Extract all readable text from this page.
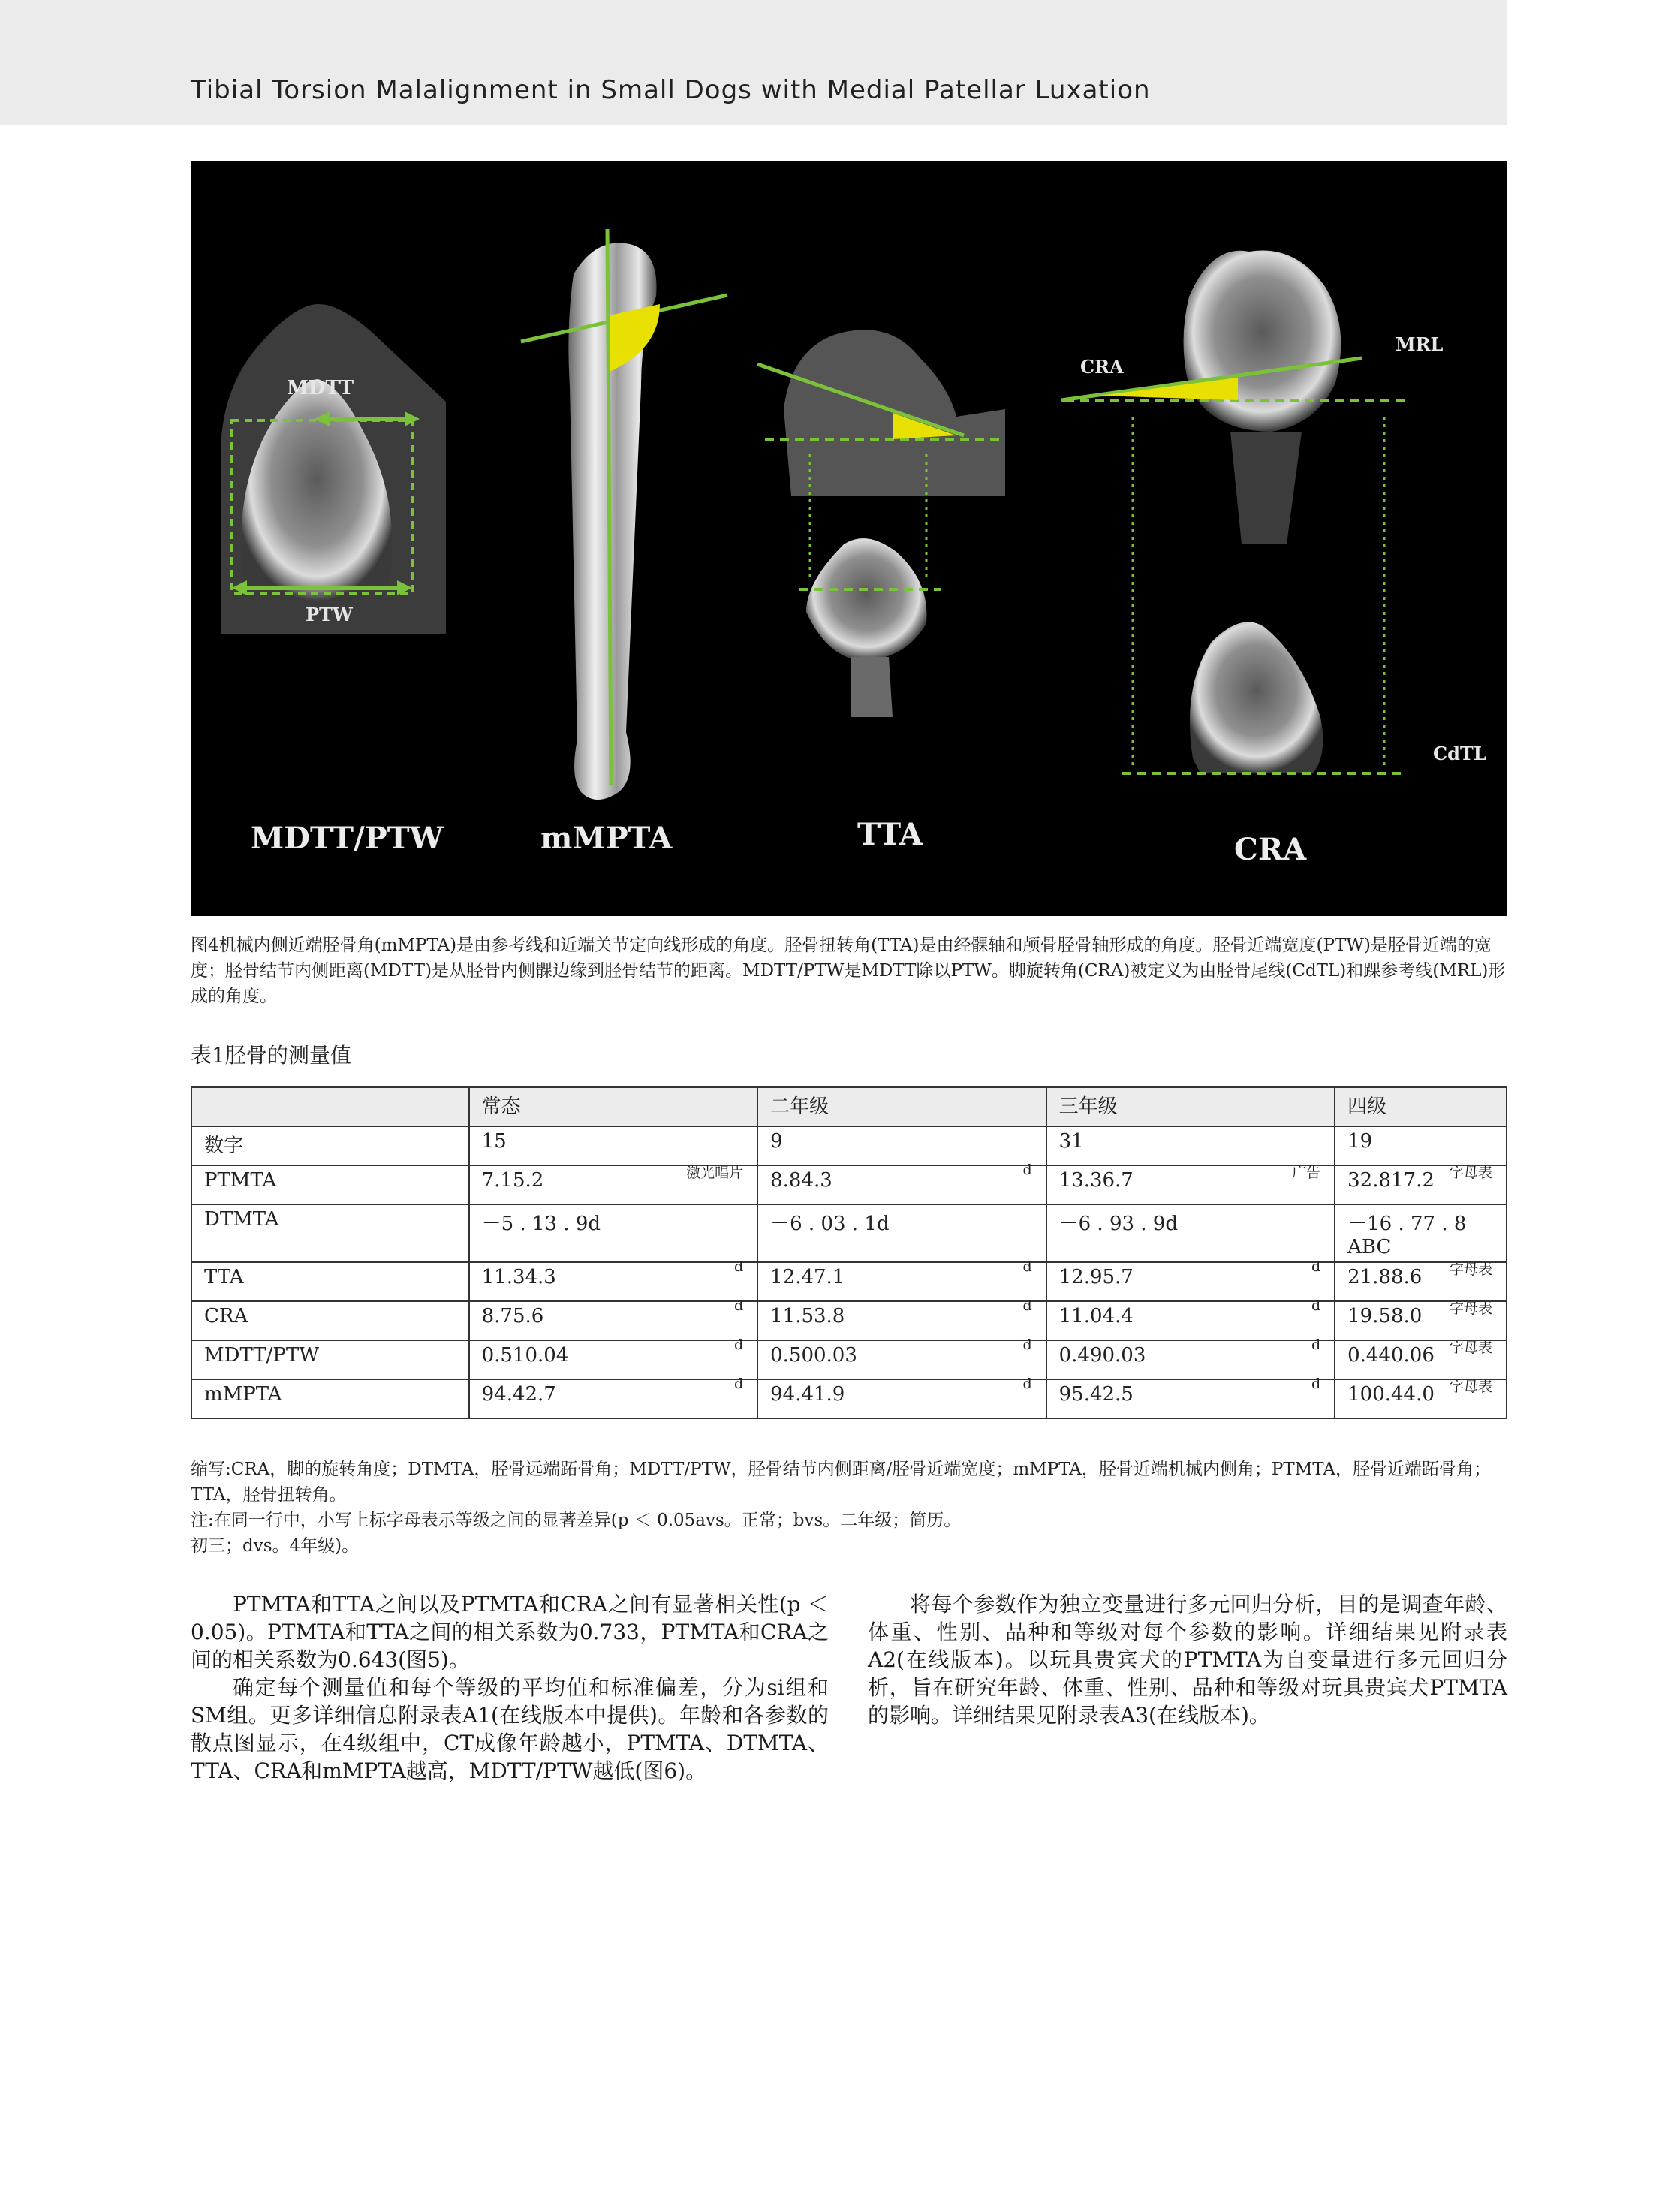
Tibial Torsion Malalignment in Small Dogs with Medial Patellar Luxation
MDTT
PTW
MDTT/PTW	mMPTA	TTA
CRA
MRL
CdTL
CRA
图4机械内侧近端胫骨角(mMPTA)是由参考线和近端关节定向线形成的角度。胫骨扭转角(TTA)是由经髁轴和颅骨胫骨轴形成的角度。胫骨近端宽度(PTW)是胫骨近端的宽度；胫骨结节内侧距离(MDTT)是从胫骨内侧髁边缘到胫骨结节的距离。MDTT/PTW是MDTT除以PTW。脚旋转角(CRA)被定义为由胫骨尾线(CdTL)和踝参考线(MRL)形成的角度。
表1胫骨的测量值
	常态	二年级	三年级	四级
数字	15	9	31	19
PTMTA	7.15.2 激光唱片	8.84.3 d	13.36.7 广告	32.817.2 字母表

DTMTA	－5 . 13 . 9d	－6 . 03 . 1d	－6 . 93 . 9d	－16 . 77 . 8 ABC
TTA	11.34.3 d	12.47.1 d	12.95.7 d	21.88.6 字母表

CRA	8.75.6 d	11.53.8 d	11.04.4 d	19.58.0 字母表

MDTT/PTW	0.510.04 d	0.500.03 d	0.490.03 d	0.440.06 字母表

mMPTA	94.42.7 d	94.41.9 d	95.42.5 d	100.44.0 字母表
缩写:CRA，脚的旋转角度；DTMTA，胫骨远端跖骨角；MDTT/PTW，胫骨结节内侧距离/胫骨近端宽度；mMPTA，胫骨近端机械内侧角；PTMTA，胫骨近端跖骨角；TTA，胫骨扭转角。
注:在同一行中，小写上标字母表示等级之间的显著差异(p ＜ 0.05avs。正常；bvs。二年级；简历。
初三；dvs。4年级)。

PTMTA和TTA之间以及PTMTA和CRA之间有显著相关性(p ＜ 0.05)。PTMTA和TTA之间的相关系数为0.733，PTMTA和CRA之间的相关系数为0.643(图5)。

确定每个测量值和每个等级的平均值和标准偏差，分为si组和SM组。更多详细信息附录表A1(在线版本中提供)。年龄和各参数的散点图显示，在4级组中，CT成像年龄越小，PTMTA、DTMTA、TTA、CRA和mMPTA越高，MDTT/PTW越低(图6)。

将每个参数作为独立变量进行多元回归分析，目的是调查年龄、体重、性别、品种和等级对每个参数的影响。详细结果见附录表A2(在线版本)。以玩具贵宾犬的PTMTA为自变量进行多元回归分析，旨在研究年龄、体重、性别、品种和等级对玩具贵宾犬PTMTA的影响。详细结果见附录表A3(在线版本)。
